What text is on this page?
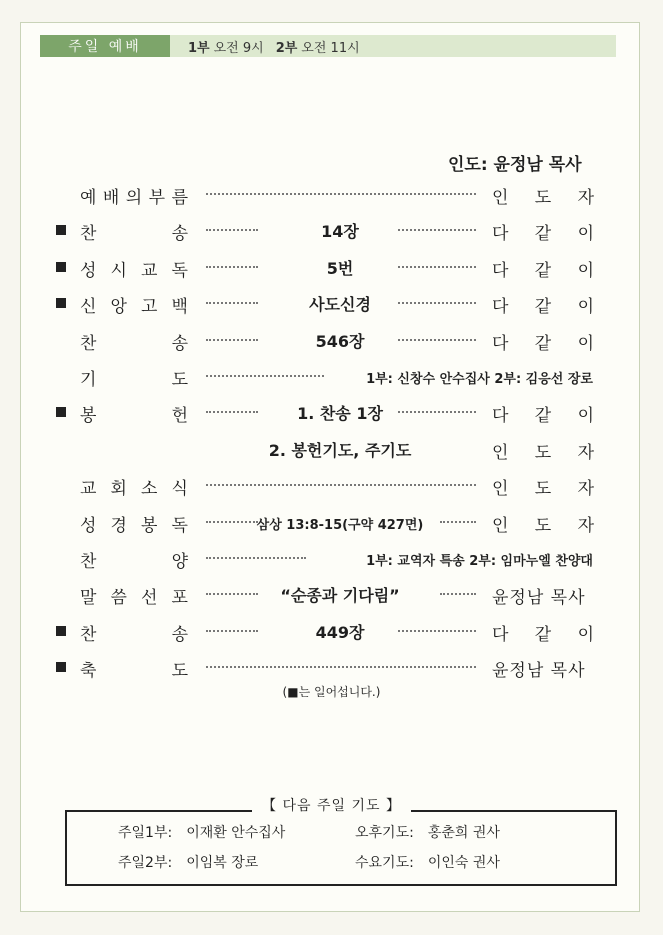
주일 예배	1부 오전 9시 2부 오전 11시
인도: 윤정남 목사
예 배 의 부 름	인 도 자
찬	송	14장	다 같 이
성 시 교 독	5번	다 같 이
신 앙 고 백	사도신경	다 같 이
찬	송	546장	다 같 이
기	도	1부: 신창수 안수집사 2부: 김응선 장로
봉	헌	1. 찬송 1장	다 같 이
2. 봉헌기도, 주기도	인 도 자
교 회 소 식	인 도 자
성 경 봉 독	삼상 13:8-15(구약 427면)	인 도 자
찬	양	1부: 교역자 특송 2부: 임마누엘 찬양대
말 씀 선 포	“순종과 기다림”	윤정남 목사
찬	송	449장	다 같 이
축	도	윤정남 목사
(■는 일어섭니다.)
【 다음 주일 기도 】
주일1부: 이재환 안수집사	오후기도: 홍춘희 권사
주일2부: 이임복 장로	수요기도: 이인숙 권사
